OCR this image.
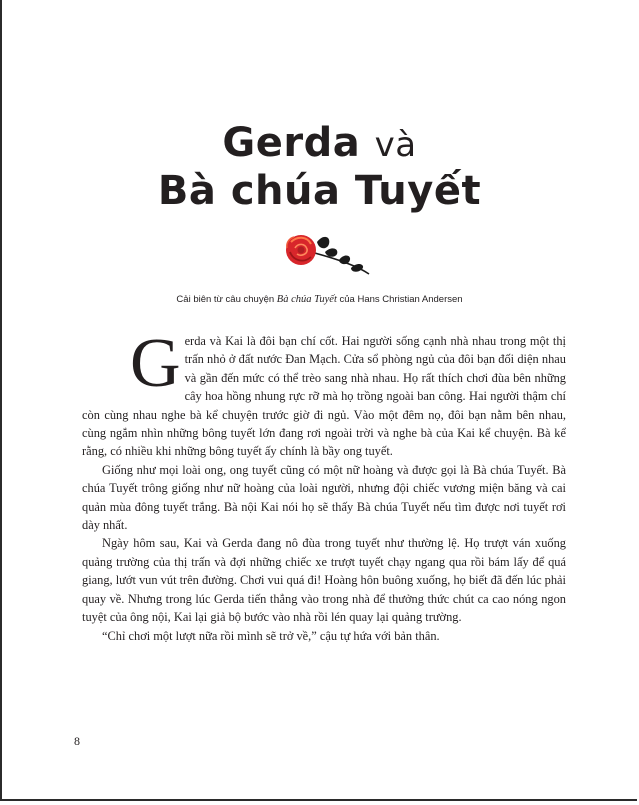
Gerda và
Bà chúa Tuyết
Cải biên từ câu chuyện Bà chúa Tuyết của Hans Christian Andersen

Gerda và Kai là đôi bạn chí cốt. Hai người sống cạnh nhà nhau trong một thị trấn nhỏ ở đất nước Đan Mạch. Cửa sổ phòng ngủ của đôi bạn đối diện nhau và gần đến mức có thể trèo sang nhà nhau. Họ rất thích chơi đùa bên những cây hoa hồng nhung rực rỡ mà họ trồng ngoài ban công. Hai người thậm chí còn cùng nhau nghe bà kể chuyện trước giờ đi ngủ. Vào một đêm nọ, đôi bạn nằm bên nhau, cùng ngắm nhìn những bông tuyết lớn đang rơi ngoài trời và nghe bà của Kai kể chuyện. Bà kể rằng, có nhiều khi những bông tuyết ấy chính là bầy ong tuyết.

Giống như mọi loài ong, ong tuyết cũng có một nữ hoàng và được gọi là Bà chúa Tuyết. Bà chúa Tuyết trông giống như nữ hoàng của loài người, nhưng đội chiếc vương miện băng và cai quản mùa đông tuyết trắng. Bà nội Kai nói họ sẽ thấy Bà chúa Tuyết nếu tìm được nơi tuyết rơi dày nhất.

Ngày hôm sau, Kai và Gerda đang nô đùa trong tuyết như thường lệ. Họ trượt ván xuống quảng trường của thị trấn và đợi những chiếc xe trượt tuyết chạy ngang qua rồi bám lấy để quá giang, lướt vun vút trên đường. Chơi vui quá đi! Hoàng hôn buông xuống, họ biết đã đến lúc phải quay về. Nhưng trong lúc Gerda tiến thẳng vào trong nhà để thưởng thức chút ca cao nóng ngon tuyệt của ông nội, Kai lại giả bộ bước vào nhà rồi lén quay lại quảng trường.

“Chỉ chơi một lượt nữa rồi mình sẽ trở về,” cậu tự hứa với bản thân.

8
